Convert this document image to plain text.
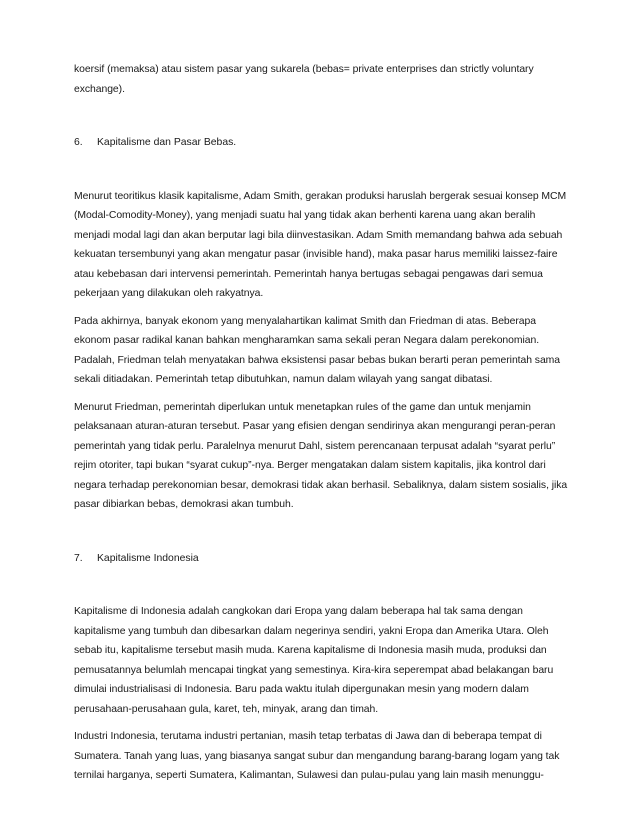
koersif (memaksa) atau sistem pasar yang sukarela (bebas= private enterprises dan strictly voluntary exchange).

6.	Kapitalisme dan Pasar Bebas.

Menurut teoritikus klasik kapitalisme, Adam Smith, gerakan produksi haruslah bergerak sesuai konsep MCM (Modal-Comodity-Money), yang menjadi suatu hal yang tidak akan berhenti karena uang akan beralih menjadi modal lagi dan akan berputar lagi bila diinvestasikan. Adam Smith memandang bahwa ada sebuah kekuatan tersembunyi yang akan mengatur pasar (invisible hand), maka pasar harus memiliki laissez-faire atau kebebasan dari intervensi pemerintah. Pemerintah hanya bertugas sebagai pengawas dari semua pekerjaan yang dilakukan oleh rakyatnya.

Pada akhirnya, banyak ekonom yang menyalahartikan kalimat Smith dan Friedman di atas. Beberapa ekonom pasar radikal kanan bahkan mengharamkan sama sekali peran Negara dalam perekonomian. Padalah, Friedman telah menyatakan bahwa eksistensi pasar bebas bukan berarti peran pemerintah sama sekali ditiadakan. Pemerintah tetap dibutuhkan, namun dalam wilayah yang sangat dibatasi.

Menurut Friedman, pemerintah diperlukan untuk menetapkan rules of the game dan untuk menjamin pelaksanaan aturan-aturan tersebut. Pasar yang efisien dengan sendirinya akan mengurangi peran-peran pemerintah yang tidak perlu. Paralelnya menurut Dahl, sistem perencanaan terpusat adalah “syarat perlu” rejim otoriter, tapi bukan “syarat cukup”-nya. Berger mengatakan dalam sistem kapitalis, jika kontrol dari negara terhadap perekonomian besar, demokrasi tidak akan berhasil. Sebaliknya, dalam sistem sosialis, jika pasar dibiarkan bebas, demokrasi akan tumbuh.

7.	Kapitalisme Indonesia

Kapitalisme di Indonesia adalah cangkokan dari Eropa yang dalam beberapa hal tak sama dengan kapitalisme yang tumbuh dan dibesarkan dalam negerinya sendiri, yakni Eropa dan Amerika Utara. Oleh sebab itu, kapitalisme tersebut masih muda. Karena kapitalisme di Indonesia masih muda, produksi dan pemusatannya belumlah mencapai tingkat yang semestinya. Kira-kira seperempat abad belakangan baru dimulai industrialisasi di Indonesia. Baru pada waktu itulah dipergunakan mesin yang modern dalam perusahaan-perusahaan gula, karet, teh, minyak, arang dan timah.

Industri Indonesia, terutama industri pertanian, masih tetap terbatas di Jawa dan di beberapa tempat di Sumatera. Tanah yang luas, yang biasanya sangat subur dan mengandung barang-barang logam yang tak ternilai harganya, seperti Sumatera, Kalimantan, Sulawesi dan pulau-pulau yang lain masih menunggu-
